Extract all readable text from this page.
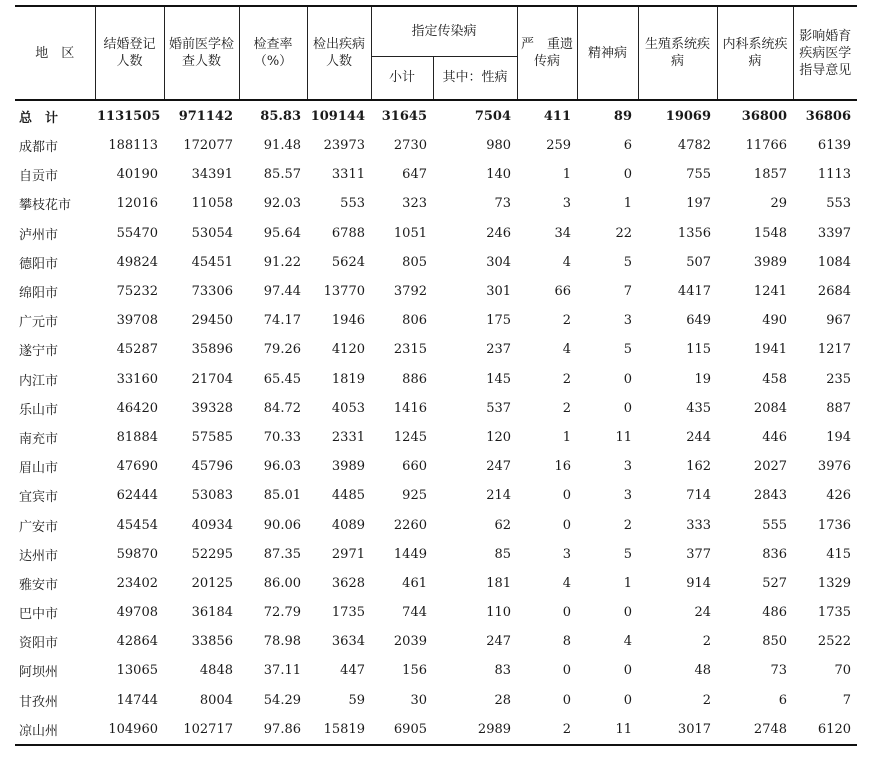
地　区	结婚登记人数	婚前医学检查人数	检查率（%）	检出疾病人数	指定传染病		严　重遗传病	精神病	生殖系统疾病	内科系统疾病	影响婚育疾病医学指导意见
					小计	其中：性病					

总　计	1131505	971142	85.83	109144	31645	7504	411	89	19069	36800	36806
成都市	188113	172077	91.48	23973	2730	980	259	6	4782	11766	6139
自贡市	40190	34391	85.57	3311	647	140	1	0	755	1857	1113
攀枝花市	12016	11058	92.03	553	323	73	3	1	197	29	553
泸州市	55470	53054	95.64	6788	1051	246	34	22	1356	1548	3397
德阳市	49824	45451	91.22	5624	805	304	4	5	507	3989	1084
绵阳市	75232	73306	97.44	13770	3792	301	66	7	4417	1241	2684
广元市	39708	29450	74.17	1946	806	175	2	3	649	490	967
遂宁市	45287	35896	79.26	4120	2315	237	4	5	115	1941	1217
内江市	33160	21704	65.45	1819	886	145	2	0	19	458	235
乐山市	46420	39328	84.72	4053	1416	537	2	0	435	2084	887
南充市	81884	57585	70.33	2331	1245	120	1	11	244	446	194
眉山市	47690	45796	96.03	3989	660	247	16	3	162	2027	3976
宜宾市	62444	53083	85.01	4485	925	214	0	3	714	2843	426
广安市	45454	40934	90.06	4089	2260	62	0	2	333	555	1736
达州市	59870	52295	87.35	2971	1449	85	3	5	377	836	415
雅安市	23402	20125	86.00	3628	461	181	4	1	914	527	1329
巴中市	49708	36184	72.79	1735	744	110	0	0	24	486	1735
资阳市	42864	33856	78.98	3634	2039	247	8	4	2	850	2522
阿坝州	13065	4848	37.11	447	156	83	0	0	48	73	70
甘孜州	14744	8004	54.29	59	30	28	0	0	2	6	7
凉山州	104960	102717	97.86	15819	6905	2989	2	11	3017	2748	6120
